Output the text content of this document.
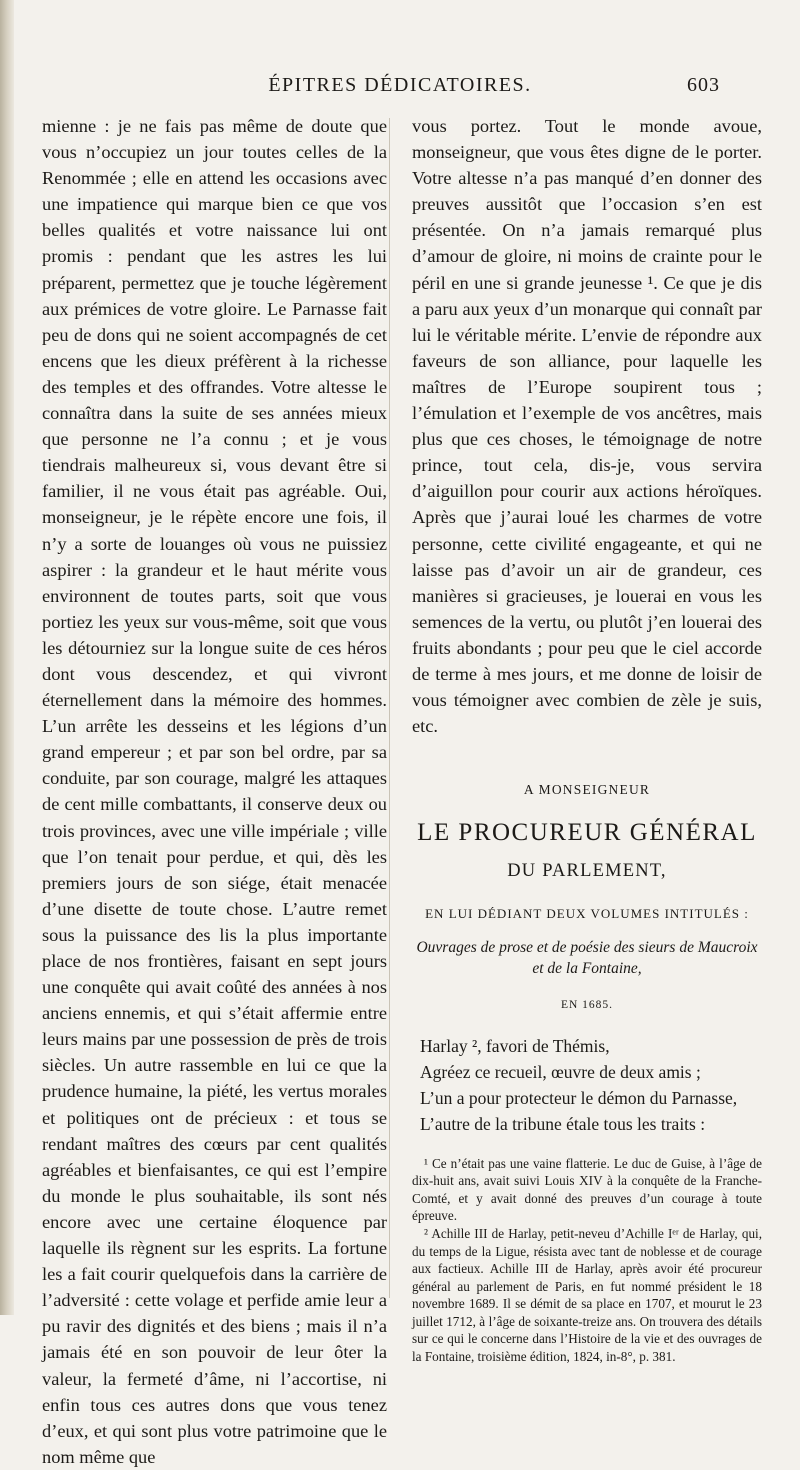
ÉPITRES DÉDICATOIRES.	603

mienne : je ne fais pas même de doute que vous n’occupiez un jour toutes celles de la Renommée ; elle en attend les occasions avec une impatience qui marque bien ce que vos belles qualités et votre naissance lui ont promis : pendant que les astres les lui préparent, permettez que je touche légèrement aux prémices de votre gloire. Le Parnasse fait peu de dons qui ne soient accompagnés de cet encens que les dieux préfèrent à la richesse des temples et des offrandes. Votre altesse le connaîtra dans la suite de ses années mieux que personne ne l’a connu ; et je vous tiendrais malheureux si, vous devant être si familier, il ne vous était pas agréable. Oui, monseigneur, je le répète encore une fois, il n’y a sorte de louanges où vous ne puissiez aspirer : la grandeur et le haut mérite vous environnent de toutes parts, soit que vous portiez les yeux sur vous-même, soit que vous les détourniez sur la longue suite de ces héros dont vous descendez, et qui vivront éternellement dans la mémoire des hommes. L’un arrête les desseins et les légions d’un grand empereur ; et par son bel ordre, par sa conduite, par son courage, malgré les attaques de cent mille combattants, il conserve deux ou trois provinces, avec une ville impériale ; ville que l’on tenait pour perdue, et qui, dès les premiers jours de son siége, était menacée d’une disette de toute chose. L’autre remet sous la puissance des lis la plus importante place de nos frontières, faisant en sept jours une conquête qui avait coûté des années à nos anciens ennemis, et qui s’était affermie entre leurs mains par une possession de près de trois siècles. Un autre rassemble en lui ce que la prudence humaine, la piété, les vertus morales et politiques ont de précieux : et tous se rendant maîtres des cœurs par cent qualités agréables et bienfaisantes, ce qui est l’empire du monde le plus souhaitable, ils sont nés encore avec une certaine éloquence par laquelle ils règnent sur les esprits. La fortune les a fait courir quelquefois dans la carrière de l’adversité : cette volage et perfide amie leur a pu ravir des dignités et des biens ; mais il n’a jamais été en son pouvoir de leur ôter la valeur, la fermeté d’âme, ni l’accortise, ni enfin tous ces autres dons que vous tenez d’eux, et qui sont plus votre patrimoine que le nom même que

vous portez. Tout le monde avoue, monseigneur, que vous êtes digne de le porter. Votre altesse n’a pas manqué d’en donner des preuves aussitôt que l’occasion s’en est présentée. On n’a jamais remarqué plus d’amour de gloire, ni moins de crainte pour le péril en une si grande jeunesse ¹. Ce que je dis a paru aux yeux d’un monarque qui connaît par lui le véritable mérite. L’envie de répondre aux faveurs de son alliance, pour laquelle les maîtres de l’Europe soupirent tous ; l’émulation et l’exemple de vos ancêtres, mais plus que ces choses, le témoignage de notre prince, tout cela, dis-je, vous servira d’aiguillon pour courir aux actions héroïques. Après que j’aurai loué les charmes de votre personne, cette civilité engageante, et qui ne laisse pas d’avoir un air de grandeur, ces manières si gracieuses, je louerai en vous les semences de la vertu, ou plutôt j’en louerai des fruits abondants ; pour peu que le ciel accorde de terme à mes jours, et me donne de loisir de vous témoigner avec combien de zèle je suis, etc.

A MONSEIGNEUR
LE PROCUREUR GÉNÉRAL
DU PARLEMENT,
EN LUI DÉDIANT DEUX VOLUMES INTITULÉS :
Ouvrages de prose et de poésie des sieurs de Maucroix et de la Fontaine,
EN 1685.
Harlay ², favori de Thémis,
Agréez ce recueil, œuvre de deux amis ;
L’un a pour protecteur le démon du Parnasse,
L’autre de la tribune étale tous les traits :

¹ Ce n’était pas une vaine flatterie. Le duc de Guise, à l’âge de dix-huit ans, avait suivi Louis XIV à la conquête de la Franche-Comté, et y avait donné des preuves d’un courage à toute épreuve.

² Achille III de Harlay, petit-neveu d’Achille Iᵉʳ de Harlay, qui, du temps de la Ligue, résista avec tant de noblesse et de courage aux factieux. Achille III de Harlay, après avoir été procureur général au parlement de Paris, en fut nommé président le 18 novembre 1689. Il se démit de sa place en 1707, et mourut le 23 juillet 1712, à l’âge de soixante-treize ans. On trouvera des détails sur ce qui le concerne dans l’Histoire de la vie et des ouvrages de la Fontaine, troisième édition, 1824, in-8°, p. 381.
